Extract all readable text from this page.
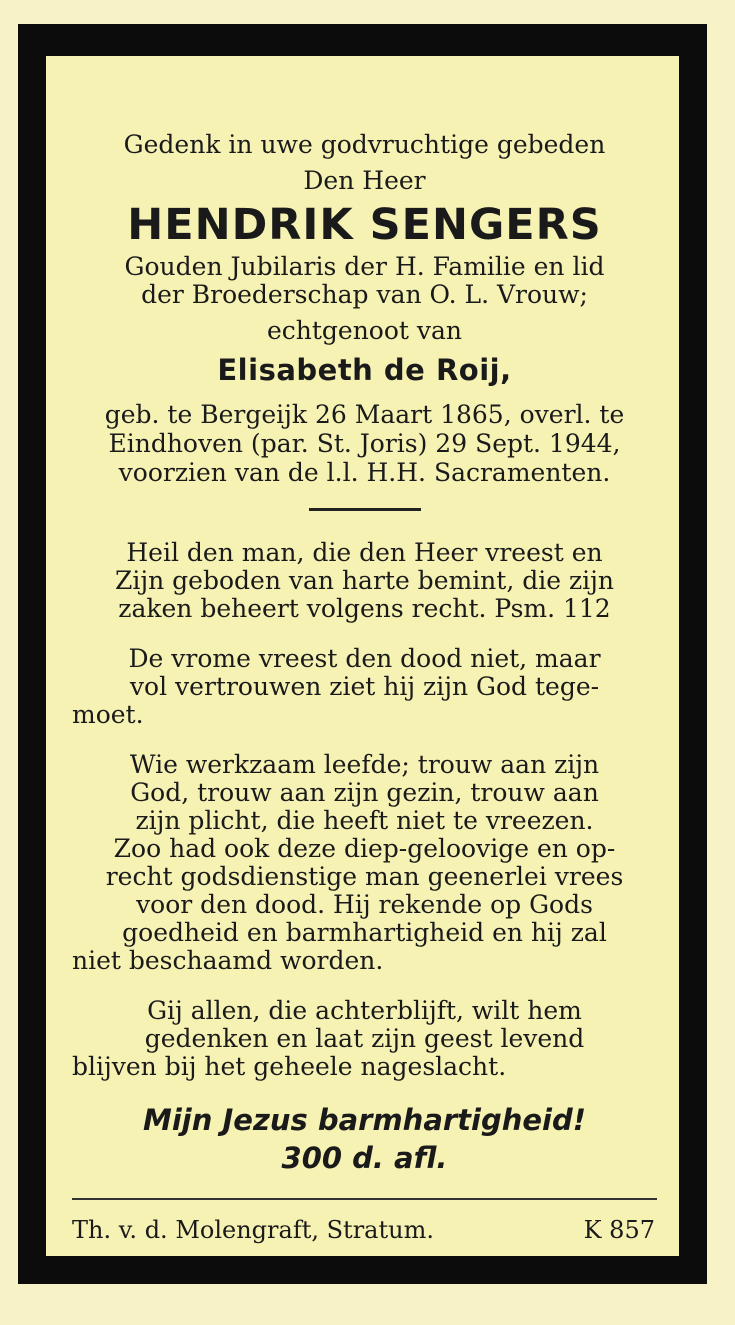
Gedenk in uwe godvruchtige gebeden

Den Heer

HENDRIK SENGERS

Gouden Jubilaris der H. Familie en lid

der Broederschap van O. L. Vrouw;

echtgenoot van

Elisabeth de Roij,

geb. te Bergeijk 26 Maart 1865, overl. te

Eindhoven (par. St. Joris) 29 Sept. 1944,

voorzien van de l.l. H.H. Sacramenten.

Heil den man, die den Heer vreest en

Zijn geboden van harte bemint, die zijn

zaken beheert volgens recht. Psm. 112

De vrome vreest den dood niet, maar

vol vertrouwen ziet hij zijn God tege-

moet.

Wie werkzaam leefde; trouw aan zijn

God, trouw aan zijn gezin, trouw aan

zijn plicht, die heeft niet te vreezen.

Zoo had ook deze diep-geloovige en op-

recht godsdienstige man geenerlei vrees

voor den dood. Hij rekende op Gods

goedheid en barmhartigheid en hij zal

niet beschaamd worden.

Gij allen, die achterblijft, wilt hem

gedenken en laat zijn geest levend

blijven bij het geheele nageslacht.

Mijn Jezus barmhartigheid!

300 d. afl.

Th. v. d. Molengraft, Stratum.	K 857
